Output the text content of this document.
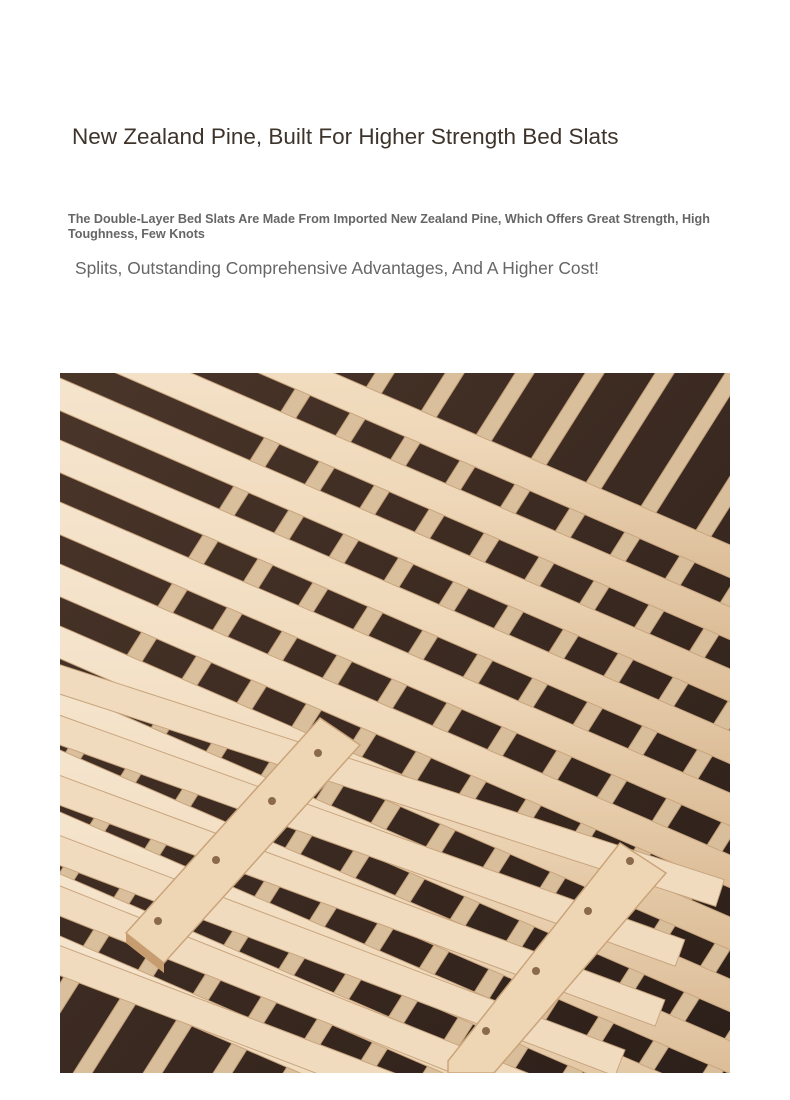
New Zealand Pine, Built For Higher Strength Bed Slats

The Double-Layer Bed Slats Are Made From Imported New Zealand Pine, Which Offers Great Strength, High Toughness, Few Knots

Splits, Outstanding Comprehensive Advantages, And A Higher Cost!
